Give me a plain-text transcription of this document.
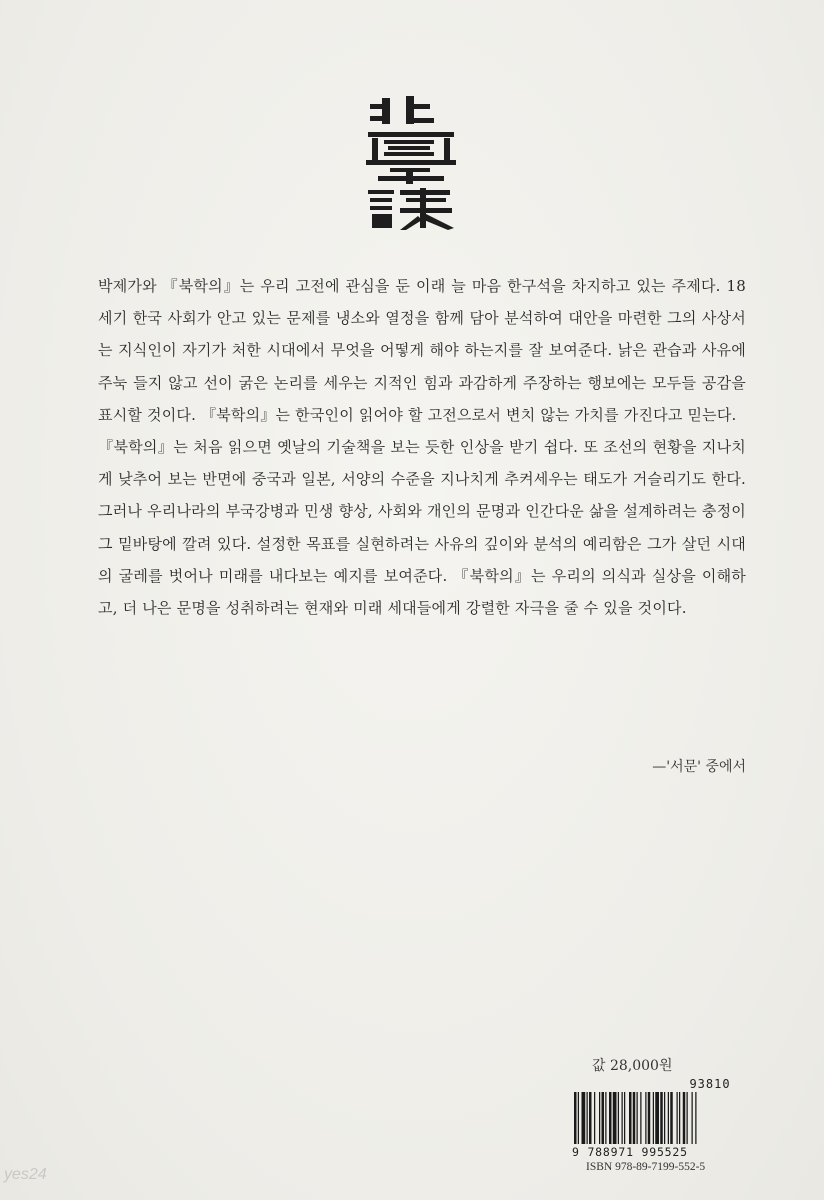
박제가와 『북학의』는 우리 고전에 관심을 둔 이래 늘 마음 한구석을 차지하고 있는 주제다. 18세기 한국 사회가 안고 있는 문제를 냉소와 열정을 함께 담아 분석하여 대안을 마련한 그의 사상서는 지식인이 자기가 처한 시대에서 무엇을 어떻게 해야 하는지를 잘 보여준다. 낡은 관습과 사유에 주눅 들지 않고 선이 굵은 논리를 세우는 지적인 힘과 과감하게 주장하는 행보에는 모두들 공감을 표시할 것이다. 『북학의』는 한국인이 읽어야 할 고전으로서 변치 않는 가치를 가진다고 믿는다.

『북학의』는 처음 읽으면 옛날의 기술책을 보는 듯한 인상을 받기 쉽다. 또 조선의 현황을 지나치게 낮추어 보는 반면에 중국과 일본, 서양의 수준을 지나치게 추켜세우는 태도가 거슬리기도 한다. 그러나 우리나라의 부국강병과 민생 향상, 사회와 개인의 문명과 인간다운 삶을 설계하려는 충정이 그 밑바탕에 깔려 있다. 설정한 목표를 실현하려는 사유의 깊이와 분석의 예리함은 그가 살던 시대의 굴레를 벗어나 미래를 내다보는 예지를 보여준다. 『북학의』는 우리의 의식과 실상을 이해하고, 더 나은 문명을 성취하려는 현재와 미래 세대들에게 강렬한 자극을 줄 수 있을 것이다.

—'서문' 중에서
값 28,000원
93810
9 788971 995525
ISBN 978-89-7199-552-5
yes24
